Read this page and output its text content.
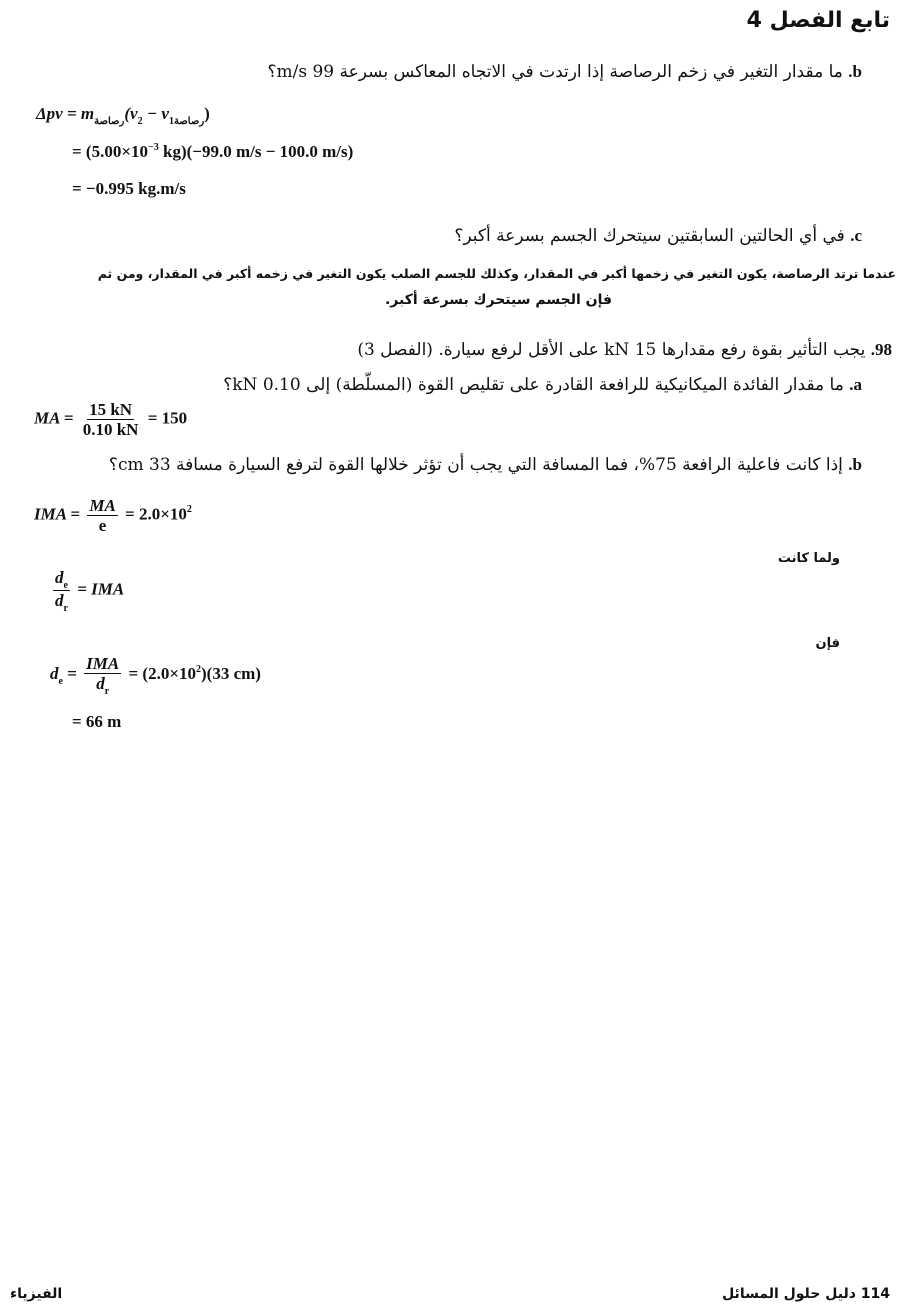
تابع الفصل 4
b. ما مقدار التغير في زخم الرصاصة إذا ارتدت في الاتجاه المعاكس بسرعة 99 m/s؟
$\Delta pv = m_{رصاصة}(v_2 - v_{1رصاصة})$
= ($5.00\times 10^{-3}$ kg)(−99.0 m/s − 100.0 m/s)
= −0.995 kg.m/s
c. في أي الحالتين السابقتين سيتحرك الجسم بسرعة أكبر؟
عندما ترتد الرصاصة، يكون التغير في زخمها أكبر في المقدار، وكذلك للجسم الصلب يكون التغير في زخمه أكبر في المقدار، ومن ثم
فإن الجسم سيتحرك بسرعة أكبر.
98. يجب التأثير بقوة رفع مقدارها 15 kN على الأقل لرفع سيارة. (الفصل 3)
a. ما مقدار الفائدة الميكانيكية للرافعة القادرة على تقليص القوة (المسلّطة) إلى 0.10 kN؟
MA = $\frac{15 kN}{0.10 kN} = 150$
b. إذا كانت فاعلية الرافعة 75%، فما المسافة التي يجب أن تؤثر خلالها القوة لترفع السيارة مسافة 33 cm؟
IMA = $\frac{MA}{e} = 2.0\times 10^2$
ولما كانت
$\frac{d_e}{d_r}$ = IMA
فإن
$d_e = \frac{\text{IMA}}{d_r} = (2.0\times 10^2)(33$ cm)
= 66 m
114 دليل حلول المسائل
الفيزياء
